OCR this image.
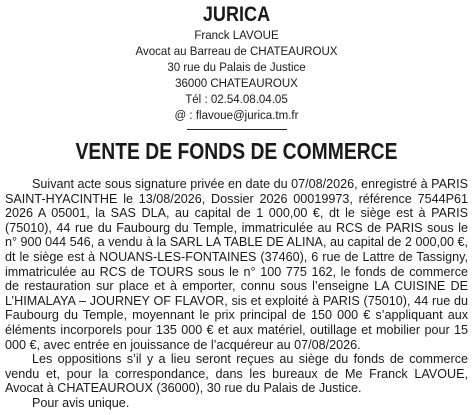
JURICA
Franck LAVOUE
Avocat au Barreau de CHATEAUROUX
30 rue du Palais de Justice
36000 CHATEAUROUX
Tél : 02.54.08.04.05
@ : flavoue@jurica.tm.fr
VENTE DE FONDS DE COMMERCE

Suivant acte sous signature privée en date du 07/08/2026, enregistré à PARIS SAINT-HYACINTHE le 13/08/2026, Dossier 2026 00019973, référence 7544P61 2026 A 05001, la SAS DLA, au capital de 1 000,00 €, dt le siège est à PARIS (75010), 44 rue du Faubourg du Temple, immatriculée au RCS de PARIS sous le n° 900 044 546, a vendu à la SARL LA TABLE DE ALINA, au capital de 2 000,00 €, dt le siège est à NOUANS-LES-FONTAINES (37460), 6 rue de Lattre de Tassigny, immatriculée au RCS de TOURS sous le n° 100 775 162, le fonds de commerce de restauration sur place et à emporter, connu sous l’enseigne LA CUISINE DE L’HIMALAYA – JOURNEY OF FLAVOR, sis et exploité à PARIS (75010), 44 rue du Faubourg du Temple, moyennant le prix principal de 150 000 € s’appliquant aux éléments incorporels pour 135 000 € et aux matériel, outillage et mobilier pour 15 000 €, avec entrée en jouissance de l’acquéreur au 07/08/2026.

Les oppositions s’il y a lieu seront reçues au siège du fonds de commerce vendu et, pour la correspondance, dans les bureaux de Me Franck LAVOUE, Avocat à CHATEAUROUX (36000), 30 rue du Palais de Justice.

Pour avis unique.
